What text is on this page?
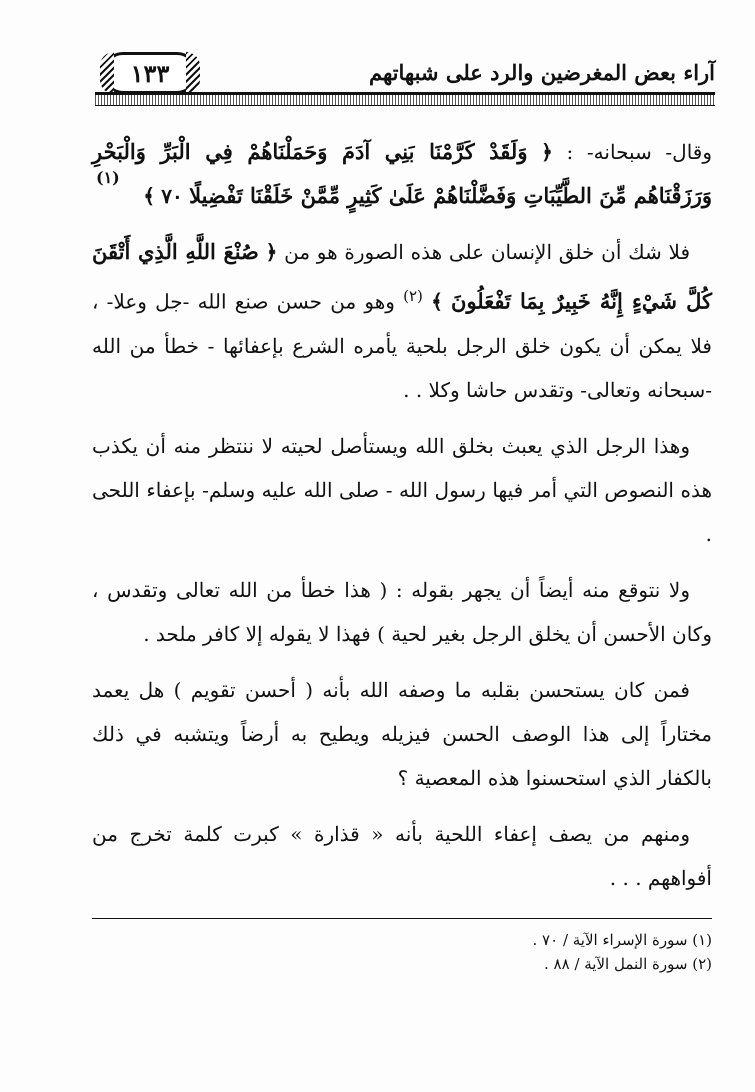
١٣٣	آراء بعض المغرضين والرد على شبهاتهم
(١)

وقال- سبحانه- : ﴿ وَلَقَدْ كَرَّمْنَا بَنِي آدَمَ وَحَمَلْنَاهُمْ فِي الْبَرِّ وَالْبَحْرِ وَرَزَقْنَاهُم مِّنَ الطَّيِّبَاتِ وَفَضَّلْنَاهُمْ عَلَىٰ كَثِيرٍ مِّمَّنْ خَلَقْنَا تَفْضِيلًا ٧٠ ﴾

فلا شك أن خلق الإنسان على هذه الصورة هو من ﴿ صُنْعَ اللَّهِ الَّذِي أَتْقَنَ كُلَّ شَيْءٍ إِنَّهُ خَبِيرٌ بِمَا تَفْعَلُونَ ﴾ $^{(٢)}$ وهو من حسن صنع الله -جل وعلا- ، فلا يمكن أن يكون خلق الرجل بلحية يأمره الشرع بإعفائها - خطأ من الله -سبحانه وتعالى- وتقدس حاشا وكلا . .

وهذا الرجل الذي يعبث بخلق الله ويستأصل لحيته لا ننتظر منه أن يكذب هذه النصوص التي أمر فيها رسول الله - صلى الله عليه وسلم- بإعفاء اللحى .

ولا نتوقع منه أيضاً أن يجهر بقوله : ( هذا خطأ من الله تعالى وتقدس ، وكان الأحسن أن يخلق الرجل بغير لحية ) فهذا لا يقوله إلا كافر ملحد .

فمن كان يستحسن بقلبه ما وصفه الله بأنه ( أحسن تقويم ) هل يعمد مختاراً إلى هذا الوصف الحسن فيزيله ويطيح به أرضاً ويتشبه في ذلك بالكفار الذي استحسنوا هذه المعصية ؟

ومنهم من يصف إعفاء اللحية بأنه « قذارة » كبرت كلمة تخرج من أفواههم . . .

(١) سورة الإسراء الآية / ٧٠ .
(٢) سورة النمل الآية / ٨٨ .
